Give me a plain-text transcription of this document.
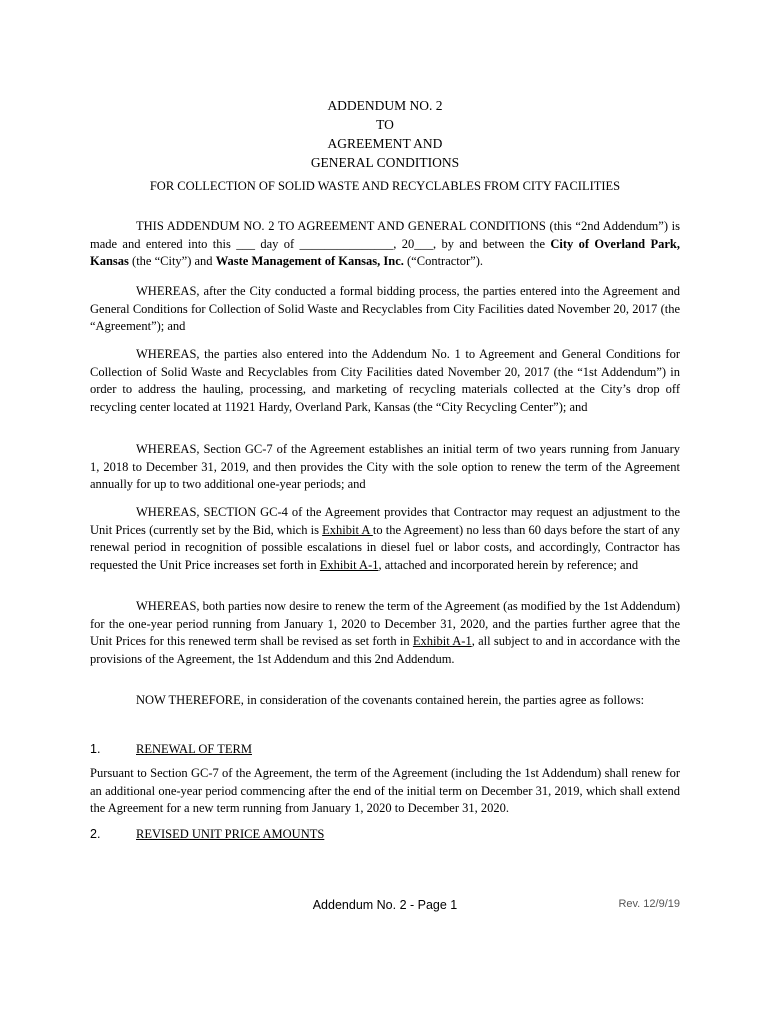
ADDENDUM NO. 2
TO
AGREEMENT AND
GENERAL CONDITIONS
FOR COLLECTION OF SOLID WASTE AND RECYCLABLES FROM CITY FACILITIES
THIS ADDENDUM NO. 2 TO AGREEMENT AND GENERAL CONDITIONS (this “2nd Addendum”) is made and entered into this ___ day of _______________, 20___, by and between the City of Overland Park, Kansas (the “City”) and Waste Management of Kansas, Inc. (“Contractor”).
WHEREAS, after the City conducted a formal bidding process, the parties entered into the Agreement and General Conditions for Collection of Solid Waste and Recyclables from City Facilities dated November 20, 2017 (the “Agreement”); and
WHEREAS, the parties also entered into the Addendum No. 1 to Agreement and General Conditions for Collection of Solid Waste and Recyclables from City Facilities dated November 20, 2017 (the “1st Addendum”) in order to address the hauling, processing, and marketing of recycling materials collected at the City’s drop off recycling center located at 11921 Hardy, Overland Park, Kansas (the “City Recycling Center”); and
WHEREAS, Section GC-7 of the Agreement establishes an initial term of two years running from January 1, 2018 to December 31, 2019, and then provides the City with the sole option to renew the term of the Agreement annually for up to two additional one-year periods; and
WHEREAS, SECTION GC-4 of the Agreement provides that Contractor may request an adjustment to the Unit Prices (currently set by the Bid, which is Exhibit A to the Agreement) no less than 60 days before the start of any renewal period in recognition of possible escalations in diesel fuel or labor costs, and accordingly, Contractor has requested the Unit Price increases set forth in Exhibit A-1, attached and incorporated herein by reference; and
WHEREAS, both parties now desire to renew the term of the Agreement (as modified by the 1st Addendum) for the one-year period running from January 1, 2020 to December 31, 2020, and the parties further agree that the Unit Prices for this renewed term shall be revised as set forth in Exhibit A-1, all subject to and in accordance with the provisions of the Agreement, the 1st Addendum and this 2nd Addendum.
NOW THEREFORE, in consideration of the covenants contained herein, the parties agree as follows:
1.	RENEWAL OF TERM
Pursuant to Section GC-7 of the Agreement, the term of the Agreement (including the 1st Addendum) shall renew for an additional one-year period commencing after the end of the initial term on December 31, 2019, which shall extend the Agreement for a new term running from January 1, 2020 to December 31, 2020.
2.	REVISED UNIT PRICE AMOUNTS
Addendum No. 2 - Page 1	Rev. 12/9/19
